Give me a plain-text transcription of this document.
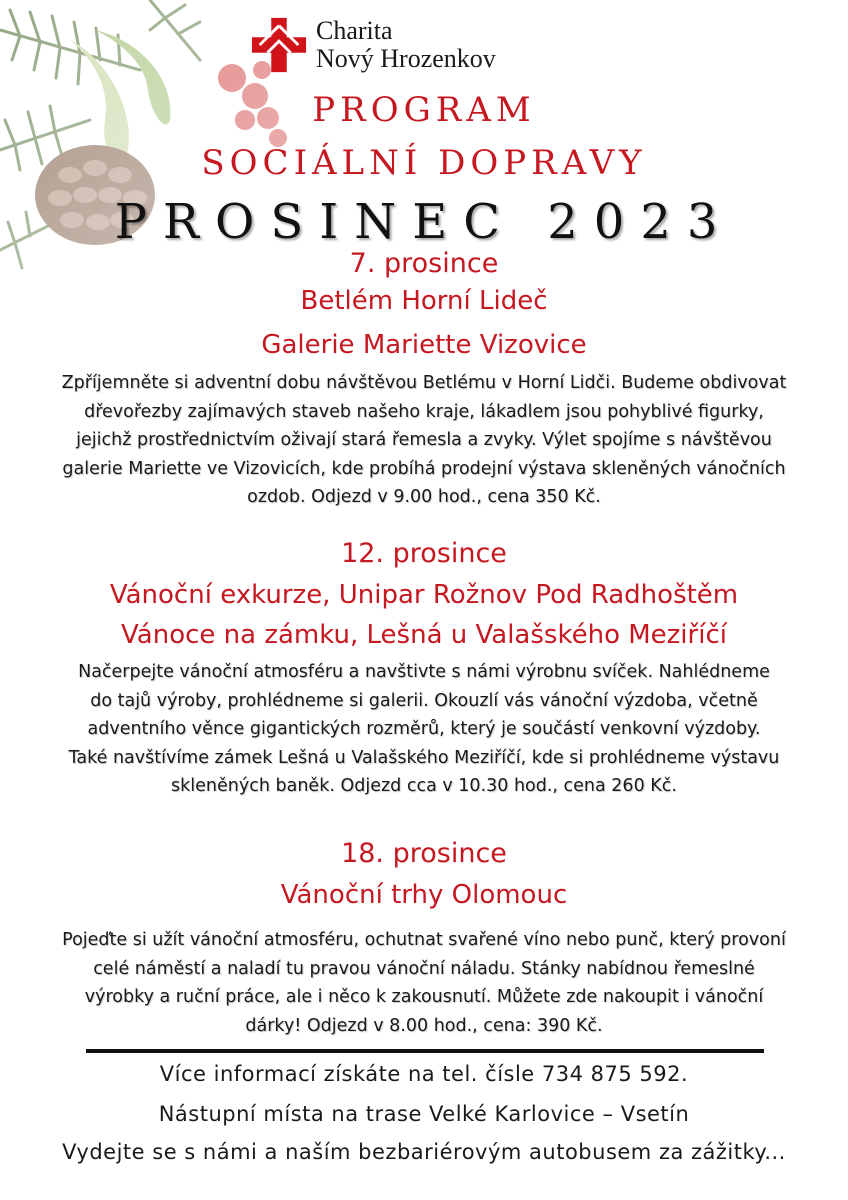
Charita
Nový Hrozenkov
PROGRAM
SOCIÁLNÍ DOPRAVY
PROSINEC 2023
7. prosince
Betlém Horní Lideč
Galerie Mariette Vizovice
Zpříjemněte si adventní dobu návštěvou Betlému v Horní Lidči. Budeme obdivovat
dřevořezby zajímavých staveb našeho kraje, lákadlem jsou pohyblivé figurky,
jejichž prostřednictvím oživají stará řemesla a zvyky. Výlet spojíme s návštěvou
galerie Mariette ve Vizovicích, kde probíhá prodejní výstava skleněných vánočních
ozdob. Odjezd v 9.00 hod., cena 350 Kč.
12. prosince
Vánoční exkurze, Unipar Rožnov Pod Radhoštěm
Vánoce na zámku, Lešná u Valašského Meziříčí
Načerpejte vánoční atmosféru a navštivte s námi výrobnu svíček. Nahlédneme
do tajů výroby, prohlédneme si galerii. Okouzlí vás vánoční výzdoba, včetně
adventního věnce gigantických rozměrů, který je součástí venkovní výzdoby.
Také navštívíme zámek Lešná u Valašského Meziříčí, kde si prohlédneme výstavu
skleněných baněk. Odjezd cca v 10.30 hod., cena 260 Kč.
18. prosince
Vánoční trhy Olomouc
Pojeďte si užít vánoční atmosféru, ochutnat svařené víno nebo punč, který provoní
celé náměstí a naladí tu pravou vánoční náladu. Stánky nabídnou řemeslné
výrobky a ruční práce, ale i něco k zakousnutí. Můžete zde nakoupit i vánoční
dárky! Odjezd v 8.00 hod., cena: 390 Kč.
Více informací získáte na tel. čísle 734 875 592.
Nástupní místa na trase Velké Karlovice – Vsetín
Vydejte se s námi a naším bezbariérovým autobusem za zážitky...
